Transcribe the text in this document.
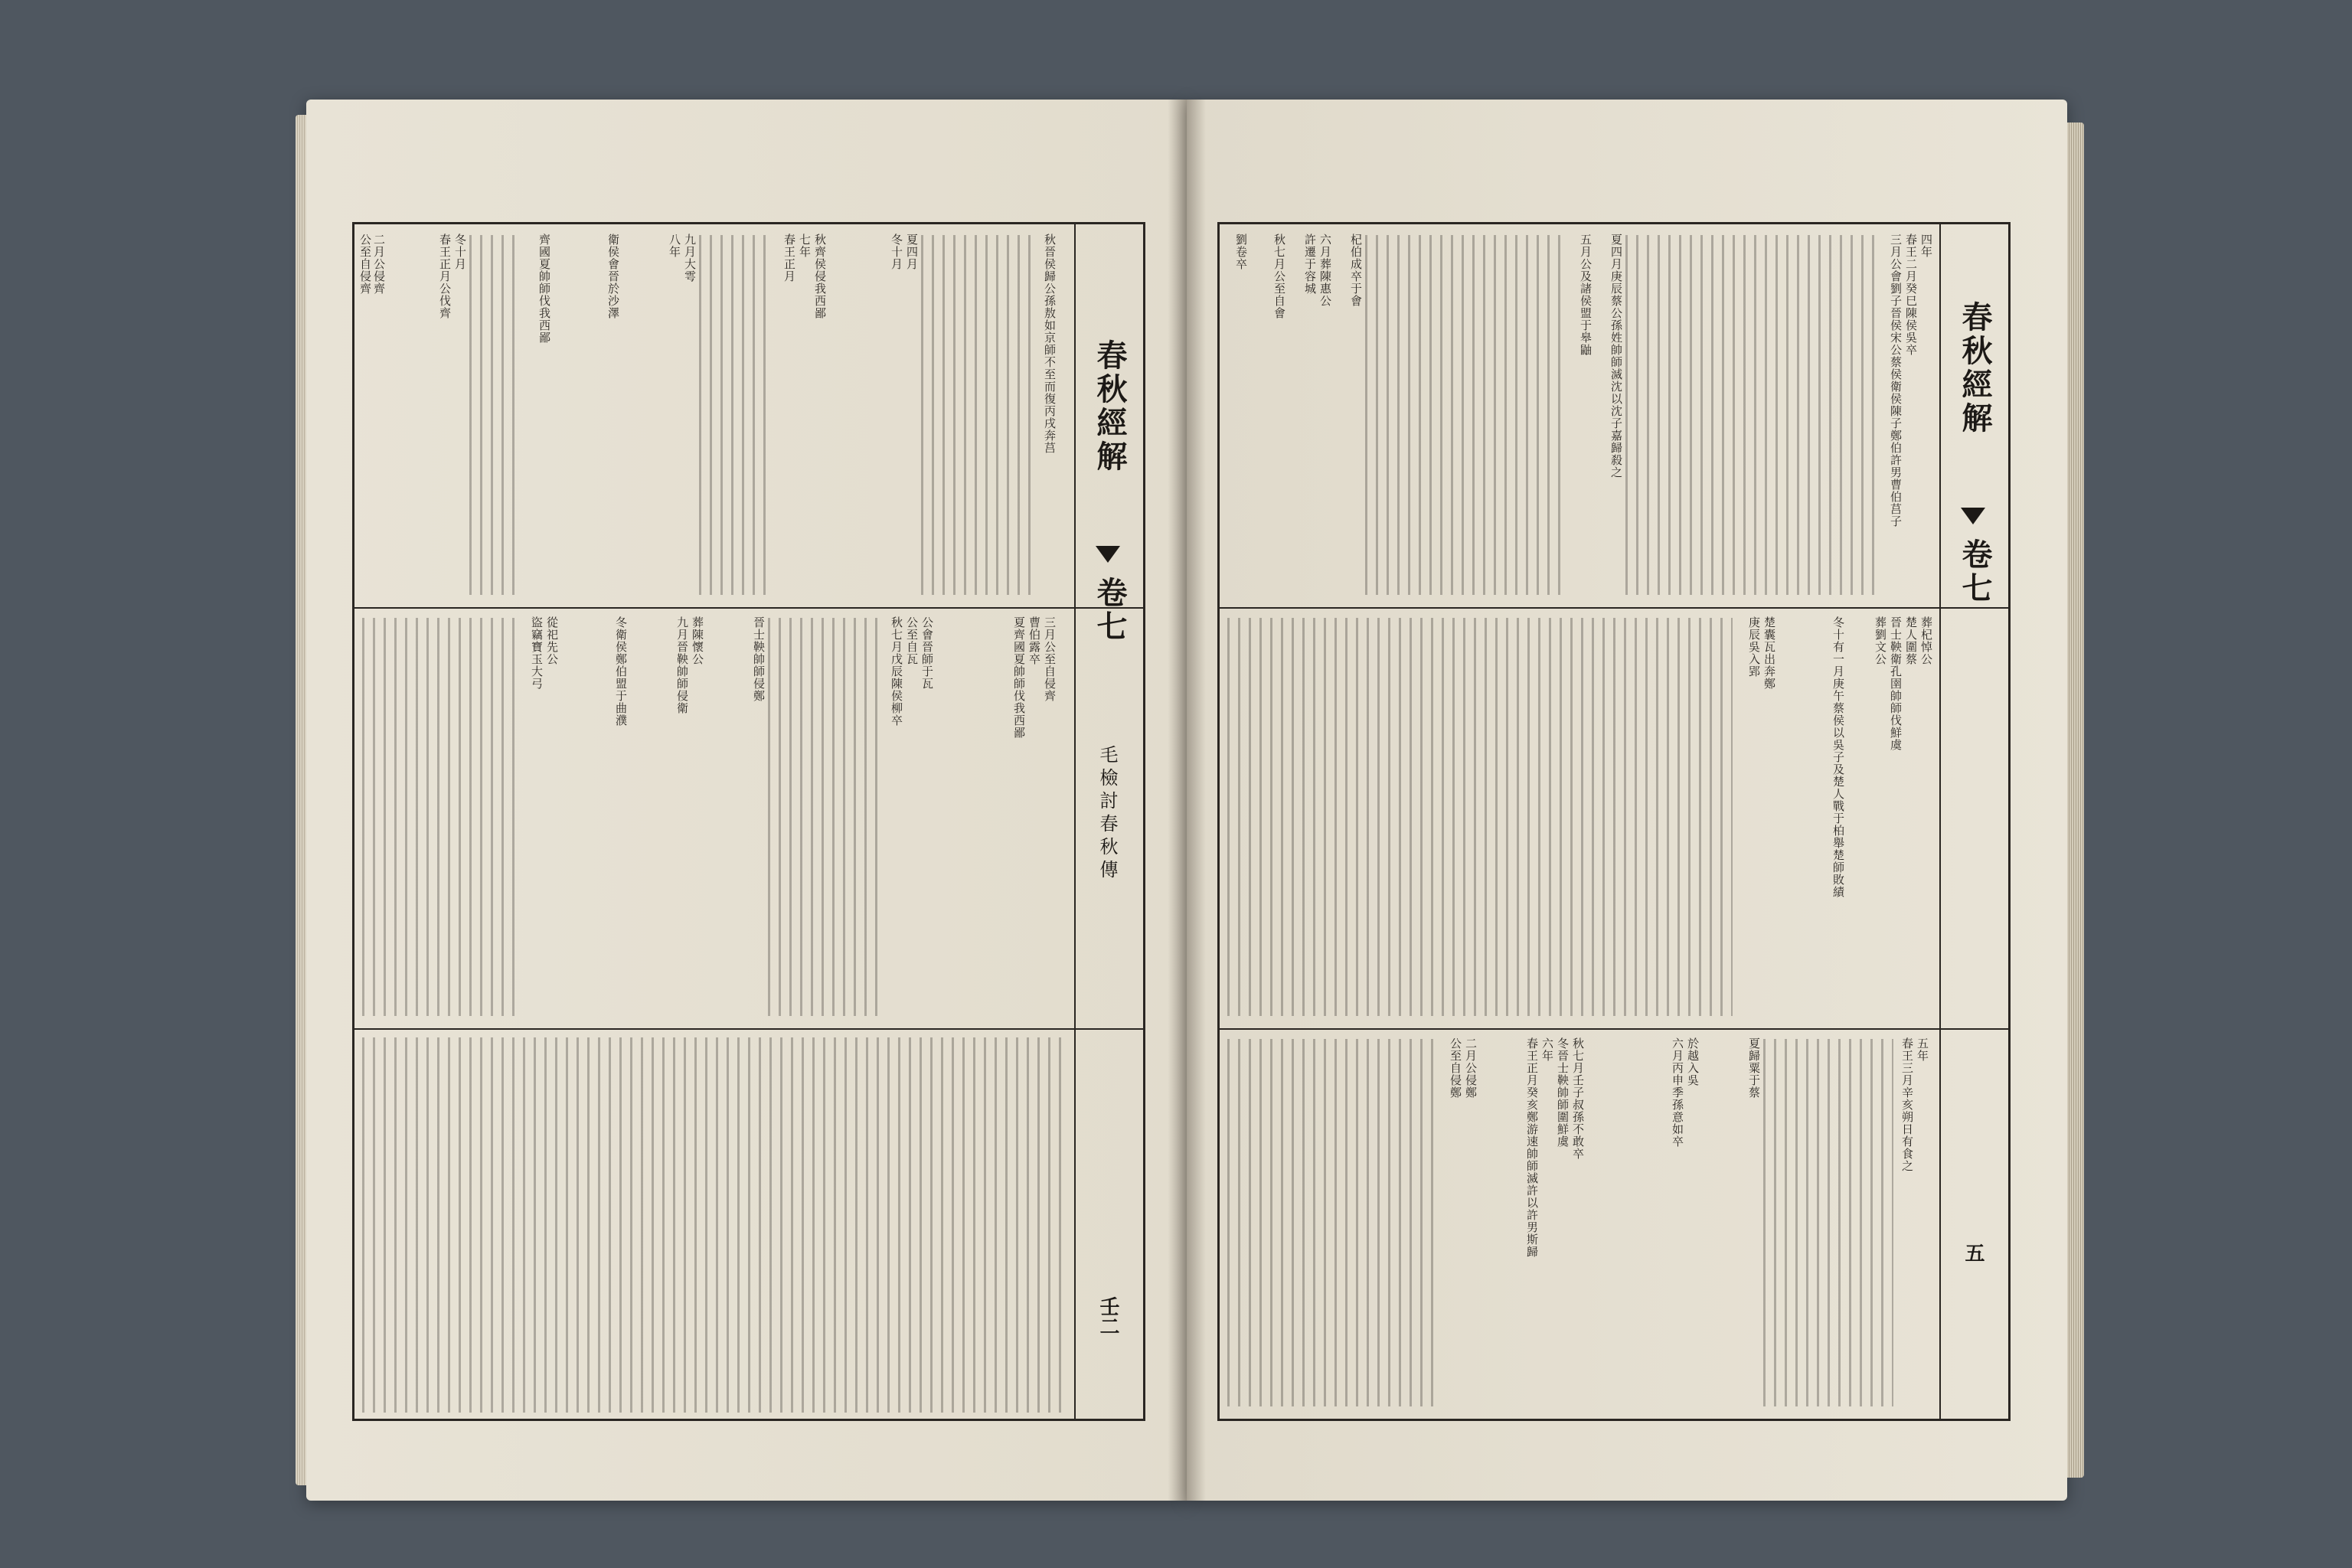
春秋經解
卷七
毛檢討春秋傳
壬二
秋晉侯歸公孫敖如京師不至而復丙戌奔莒
冬十月
九月大雩
八年
冬十月
春王正月公伐齊
二月公侵齊
公至自侵齊	夏四月
秋齊侯侵我西鄙
七年
春王正月
衛侯會晉於沙澤
齊國夏帥師伐我西鄙
三月公至自侵齊
曹伯露卒
夏齊國夏帥師伐我西鄙
公會晉師于瓦
公至自瓦
秋七月戊辰陳侯柳卒
晉士鞅帥師侵鄭
葬陳懷公
九月晉鞅帥師侵衛
冬衛侯鄭伯盟于曲濮
從祀先公
盜竊寶玉大弓
春秋經解
卷七
五
四年
春王二月癸巳陳侯吳卒
三月公會劉子晉侯宋公蔡侯衛侯陳子鄭伯許男曹伯莒子
夏四月庚辰蔡公孫姓帥師滅沈以沈子嘉歸殺之
五月公及諸侯盟于皋鼬
杞伯成卒于會
六月葬陳惠公
許遷于容城
秋七月公至自會
劉卷卒
葬杞悼公
楚人圍蔡
晉士鞅衛孔圉帥師伐鮮虞
葬劉文公
冬十有一月庚午蔡侯以吳子及楚人戰于柏舉楚師敗績
楚囊瓦出奔鄭
庚辰吳入郢
五年
春王三月辛亥朔日有食之
夏歸粟于蔡
於越入吳
六月丙申季孫意如卒
秋七月壬子叔孫不敢卒
冬晉士鞅帥師圍鮮虞
六年
春王正月癸亥鄭游速帥師滅許以許男斯歸
二月公侵鄭
公至自侵鄭
